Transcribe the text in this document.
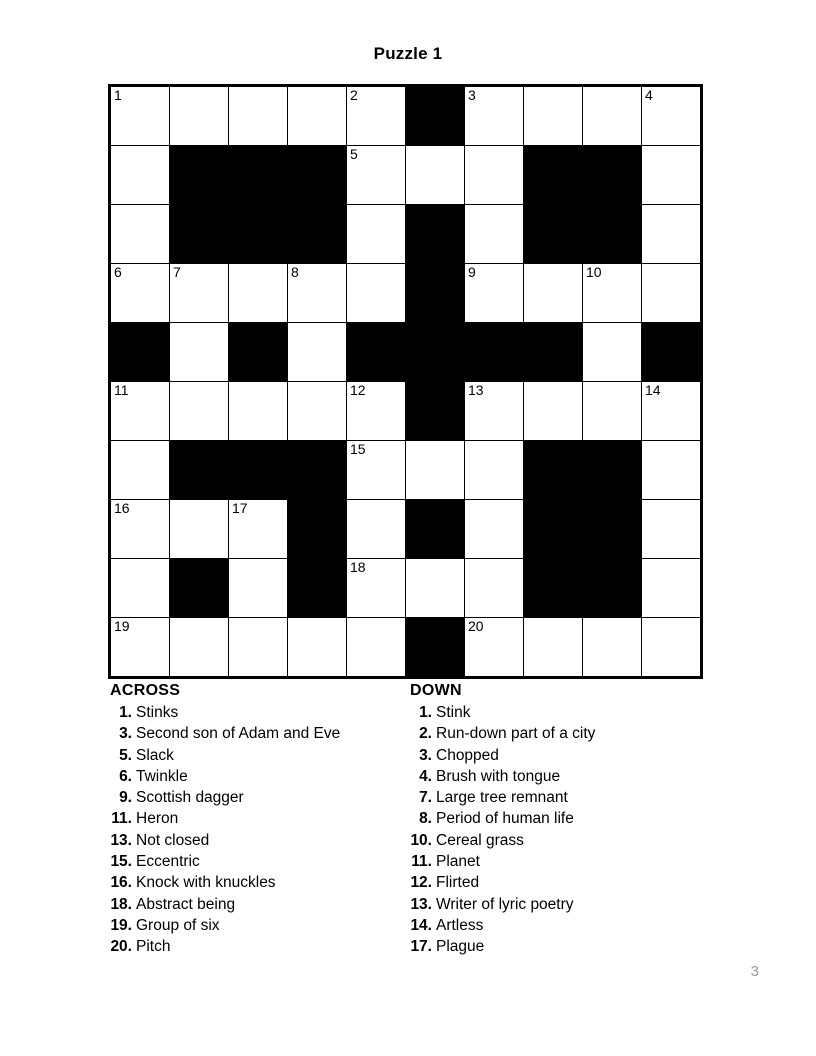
Puzzle 1
1				2		3			4

				5					

6	7		8			9		10	

11				12		13			14

				15					

16		17							

				18					

19						20			

ACROSS
1. Stinks
3. Second son of Adam and Eve
5. Slack
6. Twinkle
9. Scottish dagger
11. Heron
13. Not closed
15. Eccentric
16. Knock with knuckles
18. Abstract being
19. Group of six
20. Pitch
DOWN
1. Stink
2. Run-down part of a city
3. Chopped
4. Brush with tongue
7. Large tree remnant
8. Period of human life
10. Cereal grass
11. Planet
12. Flirted
13. Writer of lyric poetry
14. Artless
17. Plague
3
